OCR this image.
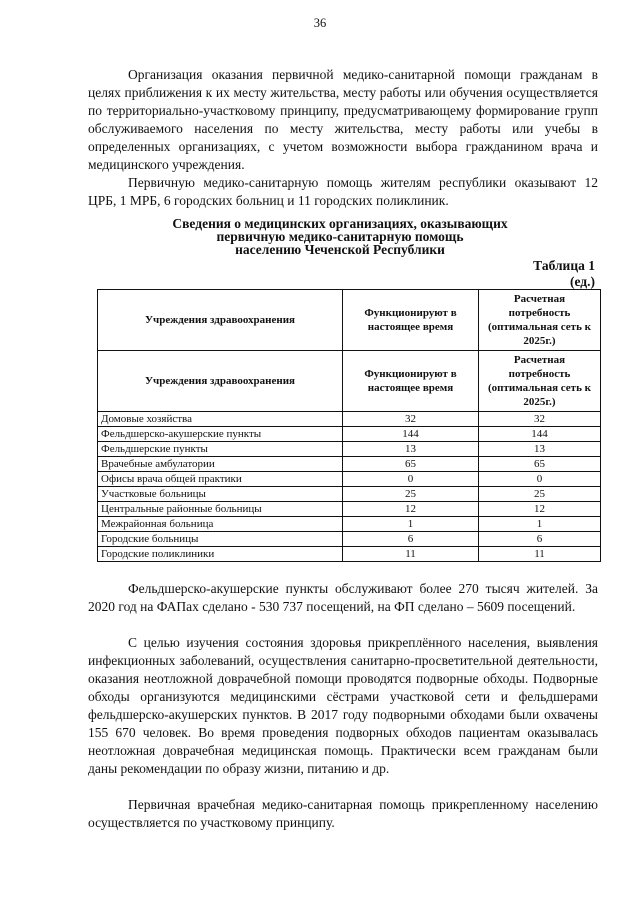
36

Организация оказания первичной медико-санитарной помощи гражданам в целях приближения к их месту жительства, месту работы или обучения осуществляется по территориально-участковому принципу, предусматривающему формирование групп обслуживаемого населения по месту жительства, месту работы или учебы в определенных организациях, с учетом возможности выбора гражданином врача и медицинского учреждения.

Первичную медико-санитарную помощь жителям республики оказывают 12 ЦРБ, 1 МРБ, 6 городских больниц и 11 городских поликлиник.

Сведения о медицинских организациях, оказывающих
первичную медико-санитарную помощь
населению Чеченской Республики
Таблица 1
(ед.)
Учреждения здравоохранения	Функционируют в настоящее время	Расчетная потребность (оптимальная сеть к 2025г.)
Учреждения здравоохранения	Функционируют в настоящее время	Расчетная потребность (оптимальная сеть к 2025г.)
Домовые хозяйства	32	32
Фельдшерско-акушерские пункты	144	144
Фельдшерские пункты	13	13
Врачебные амбулатории	65	65
Офисы врача общей практики	0	0
Участковые больницы	25	25
Центральные районные больницы	12	12
Межрайонная больница	1	1
Городские больницы	6	6
Городские поликлиники	11	11

Фельдшерско-акушерские пункты обслуживают более 270 тысяч жителей. За 2020 год на ФАПах сделано - 530 737 посещений, на ФП сделано – 5609 посещений.

С целью изучения состояния здоровья прикреплённого населения, выявления инфекционных заболеваний, осуществления санитарно-просветительной деятельности, оказания неотложной доврачебной помощи проводятся подворные обходы. Подворные обходы организуются медицинскими сёстрами участковой сети и фельдшерами фельдшерско-акушерских пунктов. В 2017 году подворными обходами были охвачены 155 670 человек. Во время проведения подворных обходов пациентам оказывалась неотложная доврачебная медицинская помощь. Практически всем гражданам были даны рекомендации по образу жизни, питанию и др.

Первичная врачебная медико-санитарная помощь прикрепленному населению осуществляется по участковому принципу.
